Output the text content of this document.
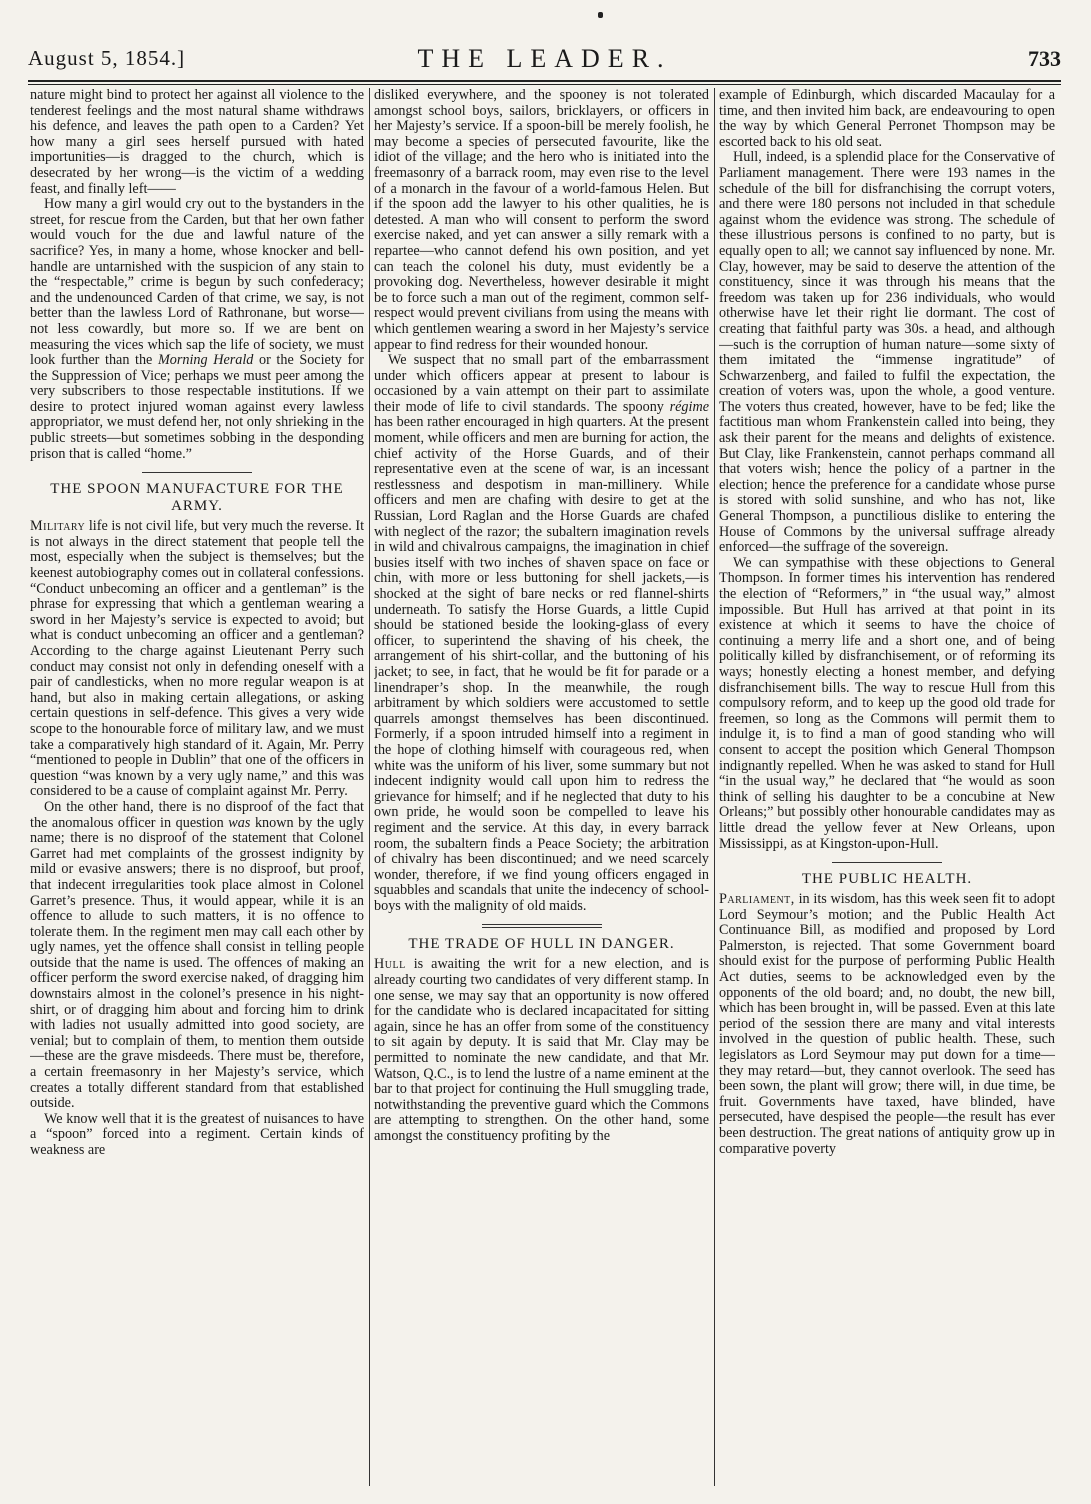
August 5, 1854.]	THE LEADER.	733

nature might bind to protect her against all violence to the tenderest feelings and the most natural shame withdraws his defence, and leaves the path open to a Carden? Yet how many a girl sees herself pursued with hated importunities—is dragged to the church, which is desecrated by her wrong—is the victim of a wedding feast, and finally left——

How many a girl would cry out to the bystanders in the street, for rescue from the Carden, but that her own father would vouch for the due and lawful nature of the sacrifice? Yes, in many a home, whose knocker and bell-handle are untarnished with the suspicion of any stain to the “respectable,” crime is begun by such confederacy; and the undenounced Carden of that crime, we say, is not better than the lawless Lord of Rathronane, but worse—not less cowardly, but more so. If we are bent on measuring the vices which sap the life of society, we must look further than the Morning Herald or the Society for the Suppression of Vice; perhaps we must peer among the very subscribers to those respectable institutions. If we desire to protect injured woman against every lawless appropriator, we must defend her, not only shrieking in the public streets—but sometimes sobbing in the desponding prison that is called “home.”

THE SPOON MANUFACTURE FOR THE ARMY.

Military life is not civil life, but very much the reverse. It is not always in the direct statement that people tell the most, especially when the subject is themselves; but the keenest autobiography comes out in collateral confessions. “Conduct unbecoming an officer and a gentleman” is the phrase for expressing that which a gentleman wearing a sword in her Majesty’s service is expected to avoid; but what is conduct unbecoming an officer and a gentleman? According to the charge against Lieutenant Perry such conduct may consist not only in defending oneself with a pair of candlesticks, when no more regular weapon is at hand, but also in making certain allegations, or asking certain questions in self-defence. This gives a very wide scope to the honourable force of military law, and we must take a comparatively high standard of it. Again, Mr. Perry “mentioned to people in Dublin” that one of the officers in question “was known by a very ugly name,” and this was considered to be a cause of complaint against Mr. Perry.

On the other hand, there is no disproof of the fact that the anomalous officer in question was known by the ugly name; there is no disproof of the statement that Colonel Garret had met complaints of the grossest indignity by mild or evasive answers; there is no disproof, but proof, that indecent irregularities took place almost in Colonel Garret’s presence. Thus, it would appear, while it is an offence to allude to such matters, it is no offence to tolerate them. In the regiment men may call each other by ugly names, yet the offence shall consist in telling people outside that the name is used. The offences of making an officer perform the sword exercise naked, of dragging him downstairs almost in the colonel’s presence in his night-shirt, or of dragging him about and forcing him to drink with ladies not usually admitted into good society, are venial; but to complain of them, to mention them outside—these are the grave misdeeds. There must be, therefore, a certain freemasonry in her Majesty’s service, which creates a totally different standard from that established outside.

We know well that it is the greatest of nuisances to have a “spoon” forced into a regiment. Certain kinds of weakness are

disliked everywhere, and the spooney is not tolerated amongst school boys, sailors, bricklayers, or officers in her Majesty’s service. If a spoon-bill be merely foolish, he may become a species of persecuted favourite, like the idiot of the village; and the hero who is initiated into the freemasonry of a barrack room, may even rise to the level of a monarch in the favour of a world-famous Helen. But if the spoon add the lawyer to his other qualities, he is detested. A man who will consent to perform the sword exercise naked, and yet can answer a silly remark with a repartee—who cannot defend his own position, and yet can teach the colonel his duty, must evidently be a provoking dog. Nevertheless, however desirable it might be to force such a man out of the regiment, common self-respect would prevent civilians from using the means with which gentlemen wearing a sword in her Majesty’s service appear to find redress for their wounded honour.

We suspect that no small part of the embarrassment under which officers appear at present to labour is occasioned by a vain attempt on their part to assimilate their mode of life to civil standards. The spoony régime has been rather encouraged in high quarters. At the present moment, while officers and men are burning for action, the chief activity of the Horse Guards, and of their representative even at the scene of war, is an incessant restlessness and despotism in man-millinery. While officers and men are chafing with desire to get at the Russian, Lord Raglan and the Horse Guards are chafed with neglect of the razor; the subaltern imagination revels in wild and chivalrous campaigns, the imagination in chief busies itself with two inches of shaven space on face or chin, with more or less buttoning for shell jackets,—is shocked at the sight of bare necks or red flannel-shirts underneath. To satisfy the Horse Guards, a little Cupid should be stationed beside the looking-glass of every officer, to superintend the shaving of his cheek, the arrangement of his shirt-collar, and the buttoning of his jacket; to see, in fact, that he would be fit for parade or a linendraper’s shop. In the meanwhile, the rough arbitrament by which soldiers were accustomed to settle quarrels amongst themselves has been discontinued. Formerly, if a spoon intruded himself into a regiment in the hope of clothing himself with courageous red, when white was the uniform of his liver, some summary but not indecent indignity would call upon him to redress the grievance for himself; and if he neglected that duty to his own pride, he would soon be compelled to leave his regiment and the service. At this day, in every barrack room, the subaltern finds a Peace Society; the arbitration of chivalry has been discontinued; and we need scarcely wonder, therefore, if we find young officers engaged in squabbles and scandals that unite the indecency of school-boys with the malignity of old maids.

THE TRADE OF HULL IN DANGER.

Hull is awaiting the writ for a new election, and is already courting two candidates of very different stamp. In one sense, we may say that an opportunity is now offered for the candidate who is declared incapacitated for sitting again, since he has an offer from some of the constituency to sit again by deputy. It is said that Mr. Clay may be permitted to nominate the new candidate, and that Mr. Watson, Q.C., is to lend the lustre of a name eminent at the bar to that project for continuing the Hull smuggling trade, notwithstanding the preventive guard which the Commons are attempting to strengthen. On the other hand, some amongst the constituency profiting by the

example of Edinburgh, which discarded Macaulay for a time, and then invited him back, are endeavouring to open the way by which General Perronet Thompson may be escorted back to his old seat.

Hull, indeed, is a splendid place for the Conservative of Parliament management. There were 193 names in the schedule of the bill for disfranchising the corrupt voters, and there were 180 persons not included in that schedule against whom the evidence was strong. The schedule of these illustrious persons is confined to no party, but is equally open to all; we cannot say influenced by none. Mr. Clay, however, may be said to deserve the attention of the constituency, since it was through his means that the freedom was taken up for 236 individuals, who would otherwise have let their right lie dormant. The cost of creating that faithful party was 30s. a head, and although—such is the corruption of human nature—some sixty of them imitated the “immense ingratitude” of Schwarzenberg, and failed to fulfil the expectation, the creation of voters was, upon the whole, a good venture. The voters thus created, however, have to be fed; like the factitious man whom Frankenstein called into being, they ask their parent for the means and delights of existence. But Clay, like Frankenstein, cannot perhaps command all that voters wish; hence the policy of a partner in the election; hence the preference for a candidate whose purse is stored with solid sunshine, and who has not, like General Thompson, a punctilious dislike to entering the House of Commons by the universal suffrage already enforced—the suffrage of the sovereign.

We can sympathise with these objections to General Thompson. In former times his intervention has rendered the election of “Reformers,” in “the usual way,” almost impossible. But Hull has arrived at that point in its existence at which it seems to have the choice of continuing a merry life and a short one, and of being politically killed by disfranchisement, or of reforming its ways; honestly electing a honest member, and defying disfranchisement bills. The way to rescue Hull from this compulsory reform, and to keep up the good old trade for freemen, so long as the Commons will permit them to indulge it, is to find a man of good standing who will consent to accept the position which General Thompson indignantly repelled. When he was asked to stand for Hull “in the usual way,” he declared that “he would as soon think of selling his daughter to be a concubine at New Orleans;” but possibly other honourable candidates may as little dread the yellow fever at New Orleans, upon Mississippi, as at Kingston-upon-Hull.

THE PUBLIC HEALTH.

Parliament, in its wisdom, has this week seen fit to adopt Lord Seymour’s motion; and the Public Health Act Continuance Bill, as modified and proposed by Lord Palmerston, is rejected. That some Government board should exist for the purpose of performing Public Health Act duties, seems to be acknowledged even by the opponents of the old board; and, no doubt, the new bill, which has been brought in, will be passed. Even at this late period of the session there are many and vital interests involved in the question of public health. These, such legislators as Lord Seymour may put down for a time—they may retard—but, they cannot overlook. The seed has been sown, the plant will grow; there will, in due time, be fruit. Governments have taxed, have blinded, have persecuted, have despised the people—the result has ever been destruction. The great nations of antiquity grow up in comparative poverty
